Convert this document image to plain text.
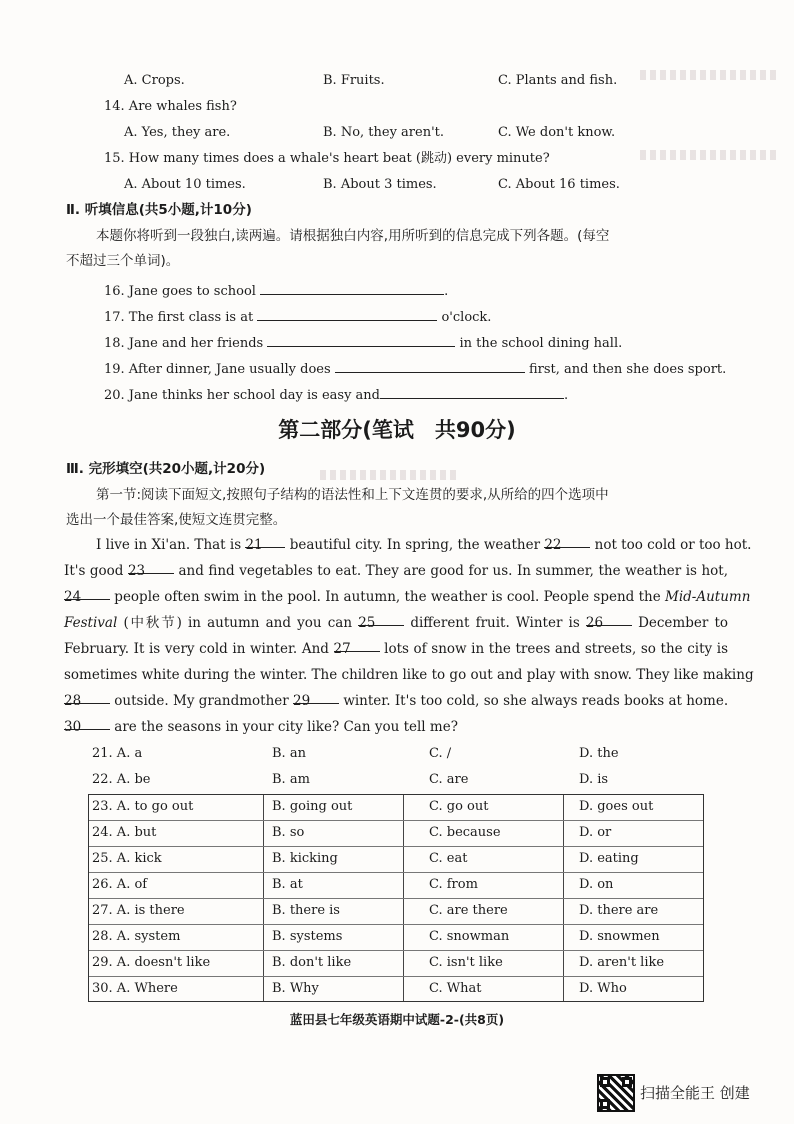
A. Crops.	B. Fruits.	C. Plants and fish.
14. Are whales fish?
A. Yes, they are.	B. No, they aren't.	C. We don't know.
15. How many times does a whale's heart beat (跳动) every minute?
A. About 10 times.	B. About 3 times.	C. About 16 times.
Ⅱ. 听填信息(共5小题,计10分)
本题你将听到一段独白,读两遍。请根据独白内容,用所听到的信息完成下列各题。(每空
不超过三个单词)。
16. Jane goes to school	.
17. The first class is at	o'clock.
18. Jane and her friends	in the school dining hall.
19. After dinner, Jane usually does	first, and then she does sport.
20. Jane thinks her school day is easy and	.
第二部分(笔试　共90分)
Ⅲ. 完形填空(共20小题,计20分)
第一节:阅读下面短文,按照句子结构的语法性和上下文连贯的要求,从所给的四个选项中
选出一个最佳答案,使短文连贯完整。
I live in Xi'an. That is 21 beautiful city. In spring, the weather 22 not too cold or too hot.
It's good 23 and find vegetables to eat. They are good for us. In summer, the weather is hot,
24 people often swim in the pool. In autumn, the weather is cool. People spend the Mid-Autumn
Festival (中秋节) in autumn and you can 25	different fruit. Winter is 26	December to
February. It is very cold in winter. And 27 lots of snow in the trees and streets, so the city is
sometimes white during the winter. The children like to go out and play with snow. They like making
28 outside. My grandmother 29 winter. It's too cold, so she always reads books at home.
30 are the seasons in your city like? Can you tell me?
21. A. a	B. an	C. /	D. the
22. A. be	B. am	C. are	D. is
23. A. to go out	B. going out	C. go out	D. goes out
24. A. but	B. so	C. because	D. or
25. A. kick	B. kicking	C. eat	D. eating
26. A. of	B. at	C. from	D. on
27. A. is there	B. there is	C. are there	D. there are
28. A. system	B. systems	C. snowman	D. snowmen
29. A. doesn't like	B. don't like	C. isn't like	D. aren't like
30. A. Where	B. Why	C. What	D. Who
蓝田县七年级英语期中试题-2-(共8页)
扫描全能王 创建
